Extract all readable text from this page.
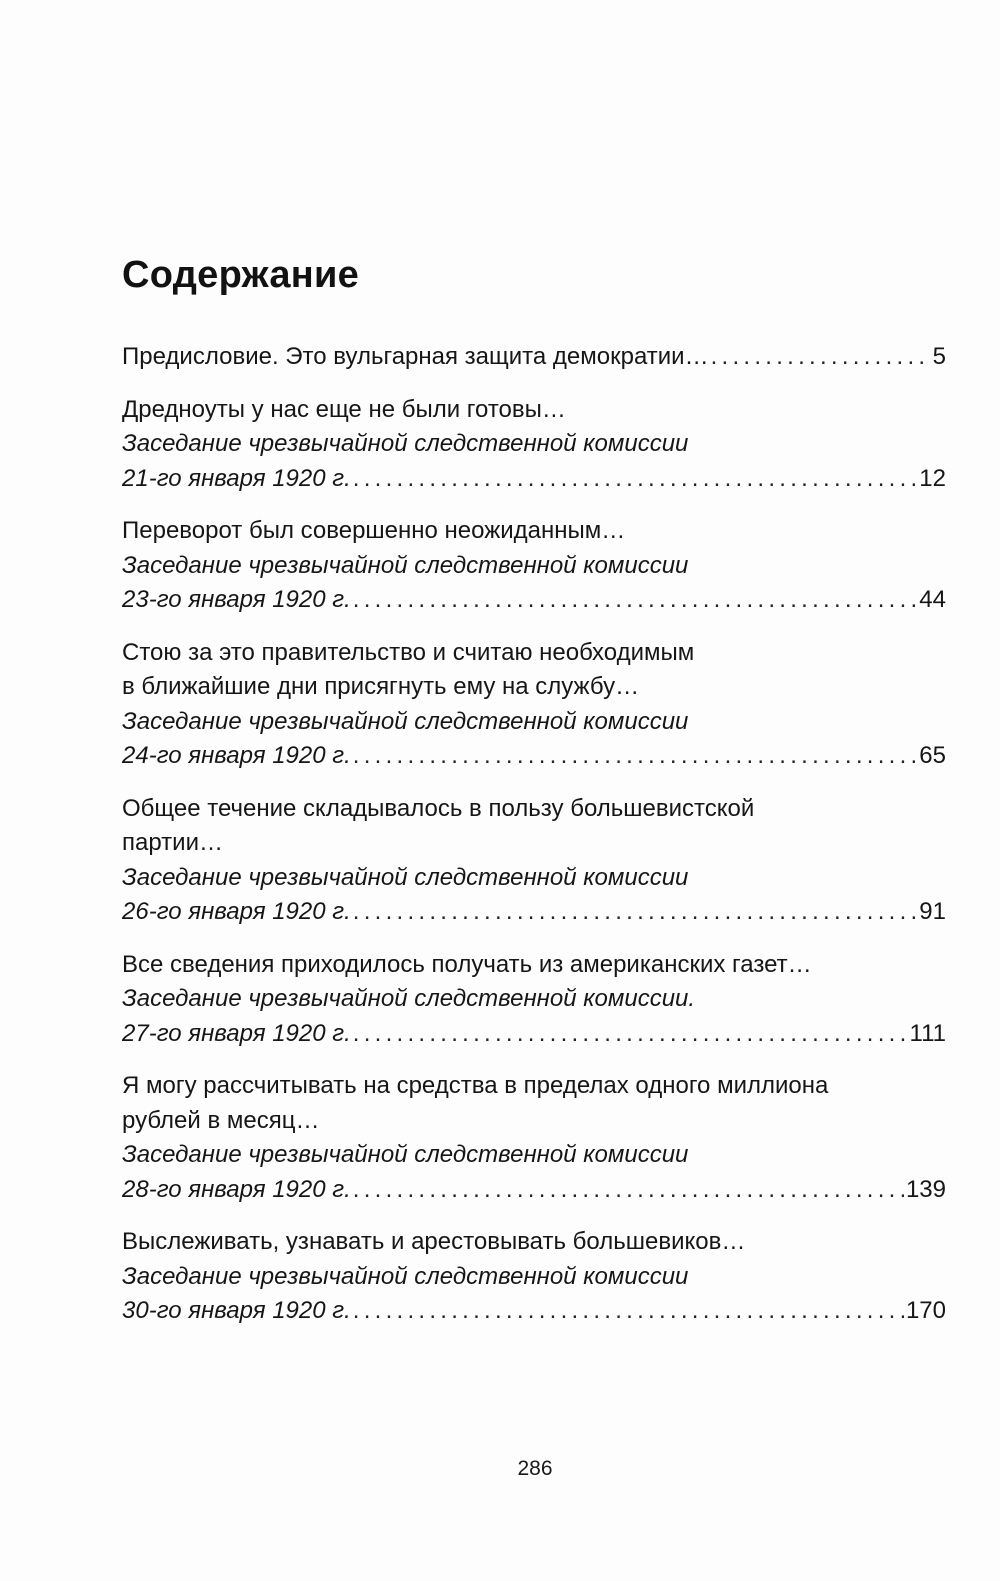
Содержание
Предисловие. Это вульгарная защита демократии… . . .	5
Дредноуты у нас еще не были готовы…
Заседание чрезвычайной следственной комиссии
21-го января 1920 г. . . .	12
Переворот был совершенно неожиданным…
Заседание чрезвычайной следственной комиссии
23-го января 1920 г. . . .	44
Стою за это правительство и считаю необходимым
в ближайшие дни присягнуть ему на службу…
Заседание чрезвычайной следственной комиссии
24-го января 1920 г. . . .	65
Общее течение складывалось в пользу большевистской
партии…
Заседание чрезвычайной следственной комиссии
26-го января 1920 г. . . .	91
Все сведения приходилось получать из американских газет…
Заседание чрезвычайной следственной комиссии.
27-го января 1920 г. . . .	111
Я могу рассчитывать на средства в пределах одного миллиона
рублей в месяц…
Заседание чрезвычайной следственной комиссии
28-го января 1920 г. . . .	139
Выслеживать, узнавать и арестовывать большевиков…
Заседание чрезвычайной следственной комиссии
30-го января 1920 г. . . .	170
286
